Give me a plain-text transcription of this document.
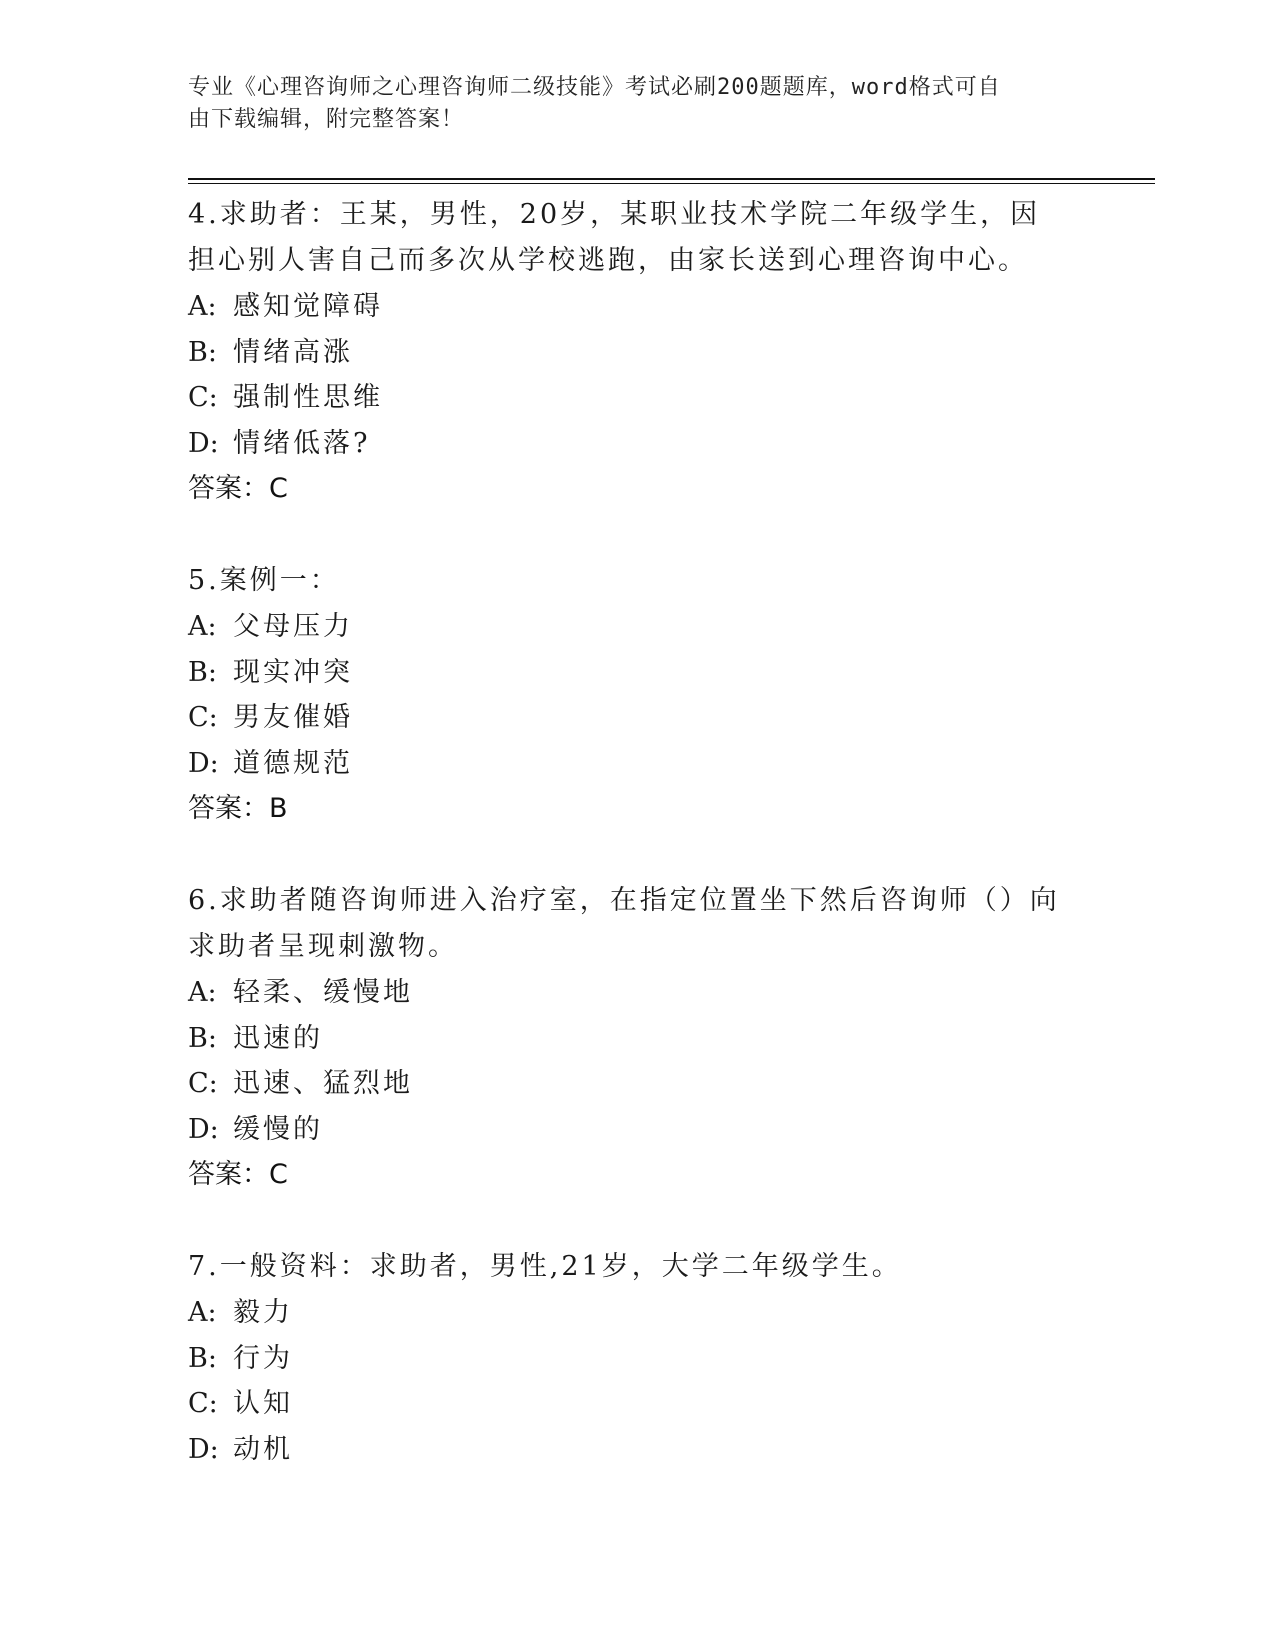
专业《心理咨询师之心理咨询师二级技能》考试必刷200题题库，word格式可自
由下载编辑，附完整答案！
4.求助者：王某，男性，20岁，某职业技术学院二年级学生，因担心别人害自己而多次从学校逃跑，由家长送到心理咨询中心。
A: 感知觉障碍
B: 情绪高涨
C: 强制性思维
D: 情绪低落?
答案：C
5.案例一：
A: 父母压力
B: 现实冲突
C: 男友催婚
D: 道德规范
答案：B
6.求助者随咨询师进入治疗室，在指定位置坐下然后咨询师（）向求助者呈现刺激物。
A: 轻柔、缓慢地
B: 迅速的
C: 迅速、猛烈地
D: 缓慢的
答案：C
7.一般资料：求助者，男性,21岁，大学二年级学生。
A: 毅力
B: 行为
C: 认知
D: 动机
